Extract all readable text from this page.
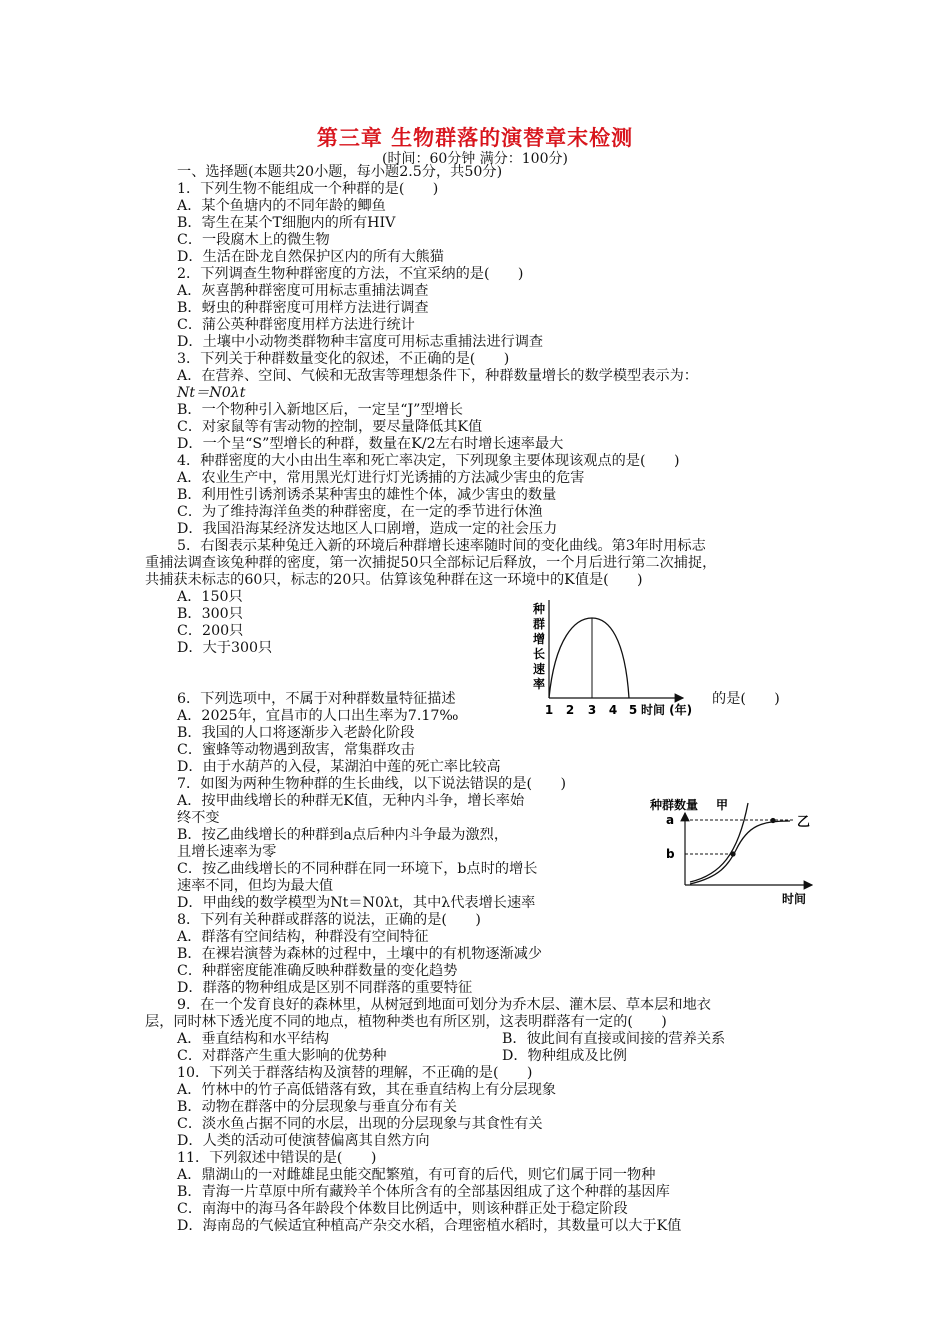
第三章 生物群落的演替章末检测
(时间：60分钟 满分：100分)
一、选择题(本题共20小题，每小题2.5分，共50分)
1．下列生物不能组成一个种群的是(　　)
A．某个鱼塘内的不同年龄的鲫鱼
B．寄生在某个T细胞内的所有HIV
C．一段腐木上的微生物
D．生活在卧龙自然保护区内的所有大熊猫
2．下列调查生物种群密度的方法，不宜采纳的是(　　)
A．灰喜鹊种群密度可用标志重捕法调查
B．蚜虫的种群密度可用样方法进行调查
C．蒲公英种群密度用样方法进行统计
D．土壤中小动物类群物种丰富度可用标志重捕法进行调查
3．下列关于种群数量变化的叙述，不正确的是(　　)
A．在营养、空间、气候和无敌害等理想条件下，种群数量增长的数学模型表示为：
Nt＝N0λt
B．一个物种引入新地区后，一定呈“J”型增长
C．对家鼠等有害动物的控制，要尽量降低其K值
D．一个呈“S”型增长的种群，数量在K/2左右时增长速率最大
4．种群密度的大小由出生率和死亡率决定，下列现象主要体现该观点的是(　　)
A．农业生产中，常用黑光灯进行灯光诱捕的方法减少害虫的危害
B．利用性引诱剂诱杀某种害虫的雄性个体，减少害虫的数量
C．为了维持海洋鱼类的种群密度，在一定的季节进行休渔
D．我国沿海某经济发达地区人口剧增，造成一定的社会压力
5．右图表示某种兔迁入新的环境后种群增长速率随时间的变化曲线。第3年时用标志
重捕法调查该兔种群的密度，第一次捕捉50只全部标记后释放，一个月后进行第二次捕捉，
共捕获未标志的60只，标志的20只。估算该兔种群在这一环境中的K值是(　　)
A．150只
B．300只
C．200只
D．大于300只
6．下列选项中，不属于对种群数量特征描述	的是(　　)
A．2025年，宜昌市的人口出生率为7.17‰
B．我国的人口将逐渐步入老龄化阶段
C．蜜蜂等动物遇到敌害，常集群攻击
D．由于水葫芦的入侵，某湖泊中莲的死亡率比较高
7．如图为两种生物种群的生长曲线，以下说法错误的是(　　)
A．按甲曲线增长的种群无K值，无种内斗争，增长率始
终不变
B．按乙曲线增长的种群到a点后种内斗争最为激烈，
且增长速率为零
C．按乙曲线增长的不同种群在同一环境下，b点时的增长
速率不同，但均为最大值
D．甲曲线的数学模型为Nt＝N0λt，其中λ代表增长速率
8．下列有关种群或群落的说法，正确的是(　　)
A．群落有空间结构，种群没有空间特征
B．在裸岩演替为森林的过程中，土壤中的有机物逐渐减少
C．种群密度能准确反映种群数量的变化趋势
D．群落的物种组成是区别不同群落的重要特征
9．在一个发育良好的森林里，从树冠到地面可划分为乔木层、灌木层、草本层和地衣
层，同时林下透光度不同的地点，植物种类也有所区别，这表明群落有一定的(　　)
A．垂直结构和水平结构	B．彼此间有直接或间接的营养关系
C．对群落产生重大影响的优势种	D．物种组成及比例
10．下列关于群落结构及演替的理解，不正确的是(　　)
A．竹林中的竹子高低错落有致，其在垂直结构上有分层现象
B．动物在群落中的分层现象与垂直分布有关
C．淡水鱼占据不同的水层，出现的分层现象与其食性有关
D．人类的活动可使演替偏离其自然方向
11．下列叙述中错误的是(　　)
A．鼎湖山的一对雌雄昆虫能交配繁殖，有可育的后代，则它们属于同一物种
B．青海一片草原中所有藏羚羊个体所含有的全部基因组成了这个种群的基因库
C．南海中的海马各年龄段个体数目比例适中，则该种群正处于稳定阶段
D．海南岛的气候适宜种植高产杂交水稻，合理密植水稻时，其数量可以大于K值
种
群
增
长
速
率
1 2 3 4 5 时间 (年)
种群数量
a
b
甲
乙
时间
